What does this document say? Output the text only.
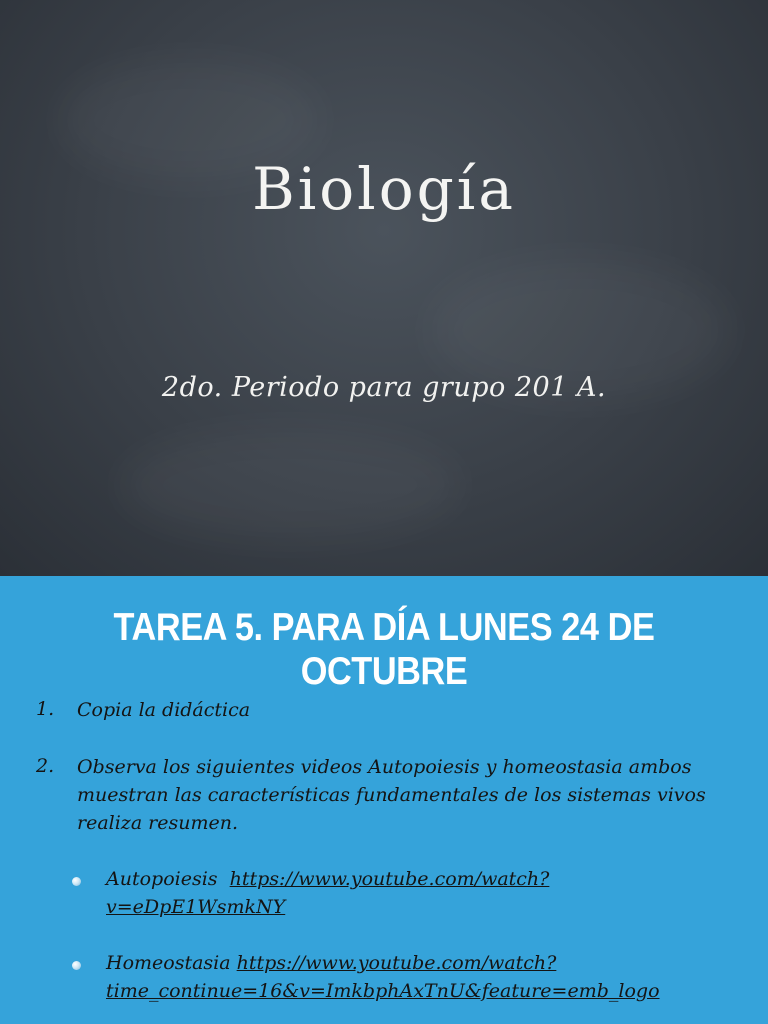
Biología
2do. Periodo para grupo 201 A.
TAREA 5. PARA DÍA LUNES 24 DE OCTUBRE
1. Copia la didáctica
2. Observa los siguientes videos Autopoiesis y homeostasia ambos muestran las características fundamentales de los sistemas vivos realiza resumen.
Autopoiesis https://www.youtube.com/watch?
v=eDpE1WsmkNY
Homeostasia https://www.youtube.com/watch?
time_continue=16&v=ImkbphAxTnU&feature=emb_logo
